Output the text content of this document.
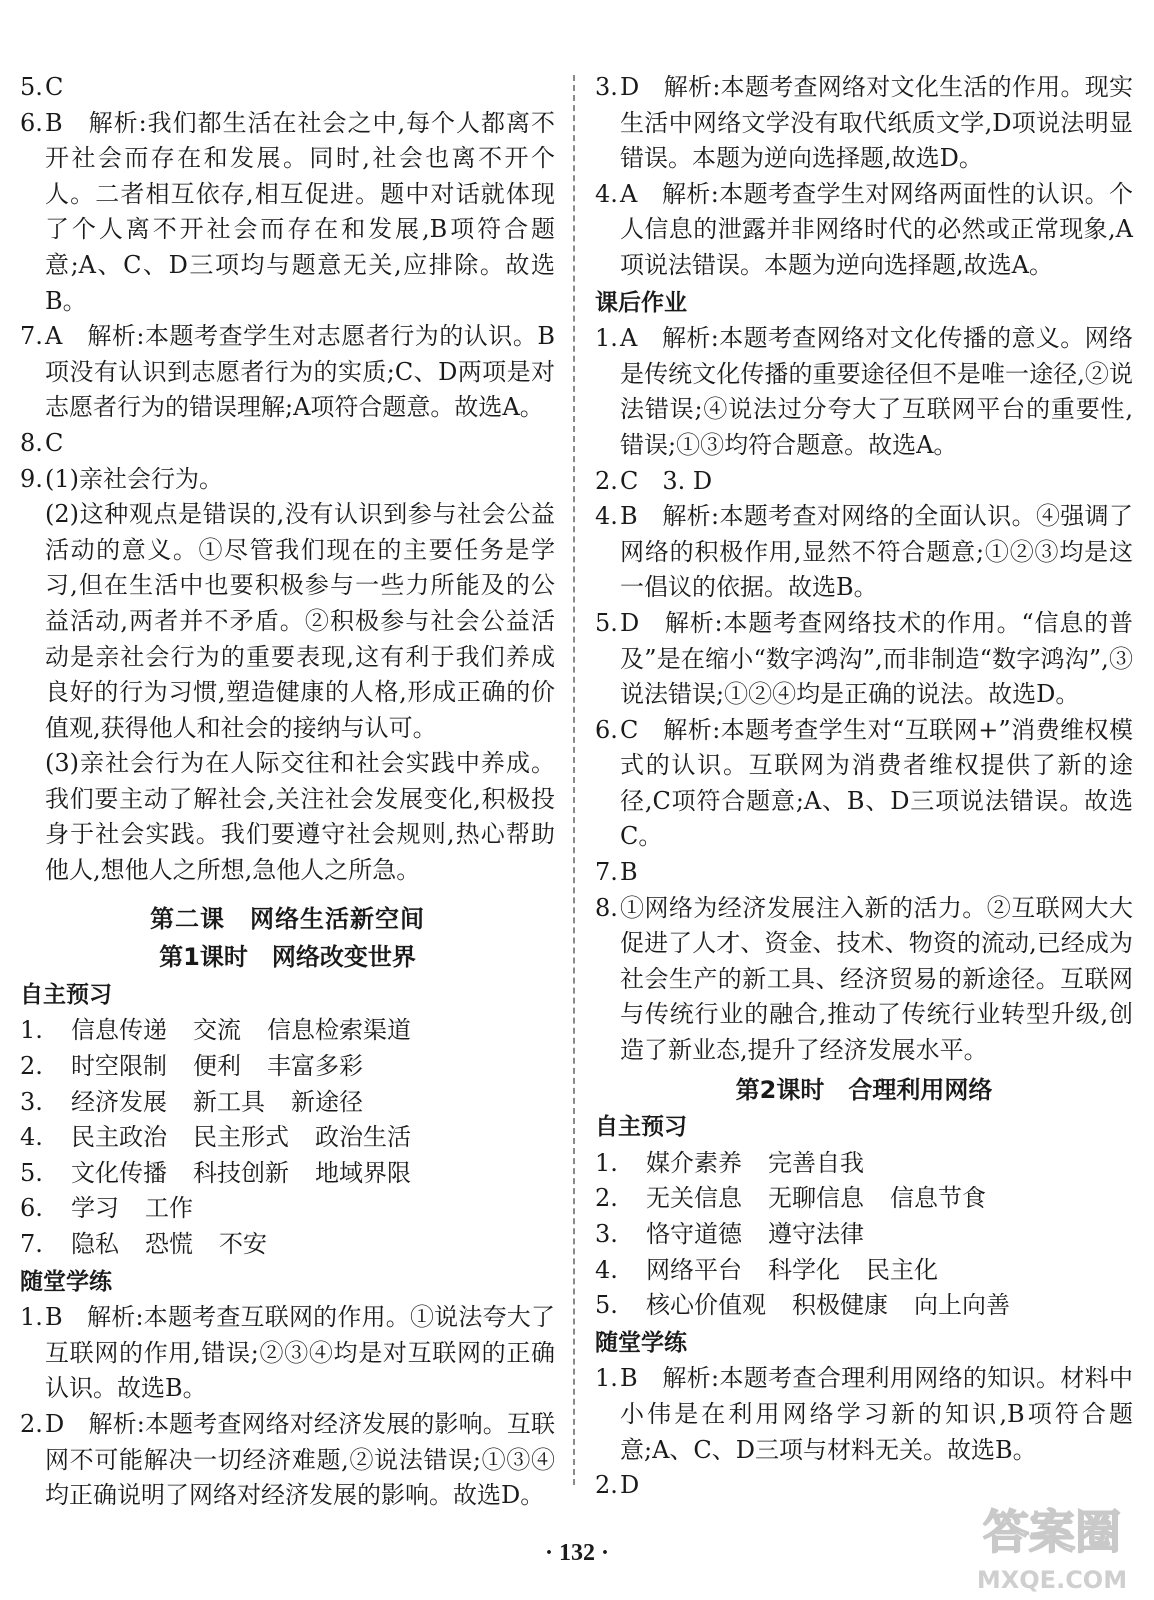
5. C
6. B　解析:我们都生活在社会之中,每个人都离不开社会而存在和发展。同时,社会也离不开个人。二者相互依存,相互促进。题中对话就体现了个人离不开社会而存在和发展,B项符合题意;A、C、D三项均与题意无关,应排除。故选B。
7. A　解析:本题考查学生对志愿者行为的认识。B项没有认识到志愿者行为的实质;C、D两项是对志愿者行为的错误理解;A项符合题意。故选A。
8. C
9. (1)亲社会行为。
(2)这种观点是错误的,没有认识到参与社会公益活动的意义。①尽管我们现在的主要任务是学习,但在生活中也要积极参与一些力所能及的公益活动,两者并不矛盾。②积极参与社会公益活动是亲社会行为的重要表现,这有利于我们养成良好的行为习惯,塑造健康的人格,形成正确的价值观,获得他人和社会的接纳与认可。
(3)亲社会行为在人际交往和社会实践中养成。我们要主动了解社会,关注社会发展变化,积极投身于社会实践。我们要遵守社会规则,热心帮助他人,想他人之所想,急他人之所急。
第二课　网络生活新空间
第1课时　网络改变世界
自主预习
1. 信息传递 交流 信息检索渠道
2. 时空限制 便利 丰富多彩
3. 经济发展 新工具 新途径
4. 民主政治 民主形式 政治生活
5. 文化传播 科技创新 地域界限
6. 学习 工作
7. 隐私 恐慌 不安
随堂学练
1. B　解析:本题考查互联网的作用。①说法夸大了互联网的作用,错误;②③④均是对互联网的正确认识。故选B。
2. D　解析:本题考查网络对经济发展的影响。互联网不可能解决一切经济难题,②说法错误;①③④均正确说明了网络对经济发展的影响。故选D。
3. D　解析:本题考查网络对文化生活的作用。现实生活中网络文学没有取代纸质文学,D项说法明显错误。本题为逆向选择题,故选D。
4. A　解析:本题考查学生对网络两面性的认识。个人信息的泄露并非网络时代的必然或正常现象,A项说法错误。本题为逆向选择题,故选A。
课后作业
1. A　解析:本题考查网络对文化传播的意义。网络是传统文化传播的重要途径但不是唯一途径,②说法错误;④说法过分夸大了互联网平台的重要性,错误;①③均符合题意。故选A。
2. C　3. D
4. B　解析:本题考查对网络的全面认识。④强调了网络的积极作用,显然不符合题意;①②③均是这一倡议的依据。故选B。
5. D　解析:本题考查网络技术的作用。“信息的普及”是在缩小“数字鸿沟”,而非制造“数字鸿沟”,③说法错误;①②④均是正确的说法。故选D。
6. C　解析:本题考查学生对“互联网+”消费维权模式的认识。互联网为消费者维权提供了新的途径,C项符合题意;A、B、D三项说法错误。故选C。
7. B
8. ①网络为经济发展注入新的活力。②互联网大大促进了人才、资金、技术、物资的流动,已经成为社会生产的新工具、经济贸易的新途径。互联网与传统行业的融合,推动了传统行业转型升级,创造了新业态,提升了经济发展水平。
第2课时　合理利用网络
自主预习
1. 媒介素养 完善自我
2. 无关信息 无聊信息 信息节食
3. 恪守道德 遵守法律
4. 网络平台 科学化 民主化
5. 核心价值观 积极健康 向上向善
随堂学练
1. B　解析:本题考查合理利用网络的知识。材料中小伟是在利用网络学习新的知识,B项符合题意;A、C、D三项与材料无关。故选B。
2. D
· 132 ·	答案圈
MXQE.COM
